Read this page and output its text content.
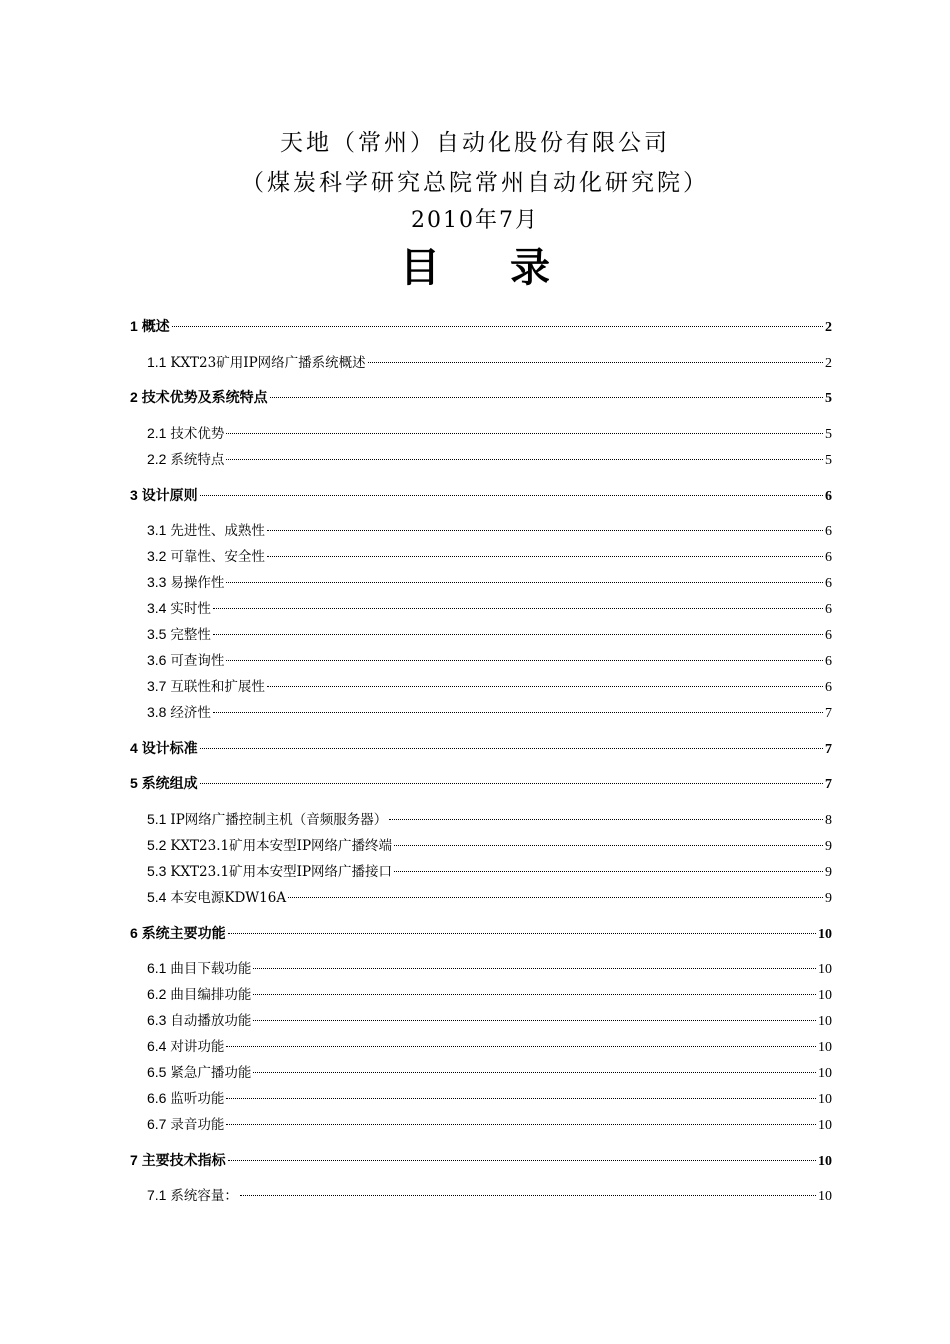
天地（常州）自动化股份有限公司
（煤炭科学研究总院常州自动化研究院）
2010年7月
目录
1 概述	2
1.1 KXT23矿用IP网络广播系统概述	2
2 技术优势及系统特点	5
2.1 技术优势	5
2.2 系统特点	5
3 设计原则	6
3.1 先进性、成熟性	6
3.2 可靠性、安全性	6
3.3 易操作性	6
3.4 实时性	6
3.5 完整性	6
3.6 可查询性	6
3.7 互联性和扩展性	6
3.8 经济性	7
4 设计标准	7
5 系统组成	7
5.1 IP网络广播控制主机（音频服务器）	8
5.2 KXT23.1矿用本安型IP网络广播终端	9
5.3 KXT23.1矿用本安型IP网络广播接口	9
5.4 本安电源KDW16A	9
6 系统主要功能	10
6.1 曲目下载功能	10
6.2 曲目编排功能	10
6.3 自动播放功能	10
6.4 对讲功能	10
6.5 紧急广播功能	10
6.6 监听功能	10
6.7 录音功能	10
7 主要技术指标	10
7.1 系统容量：	10
